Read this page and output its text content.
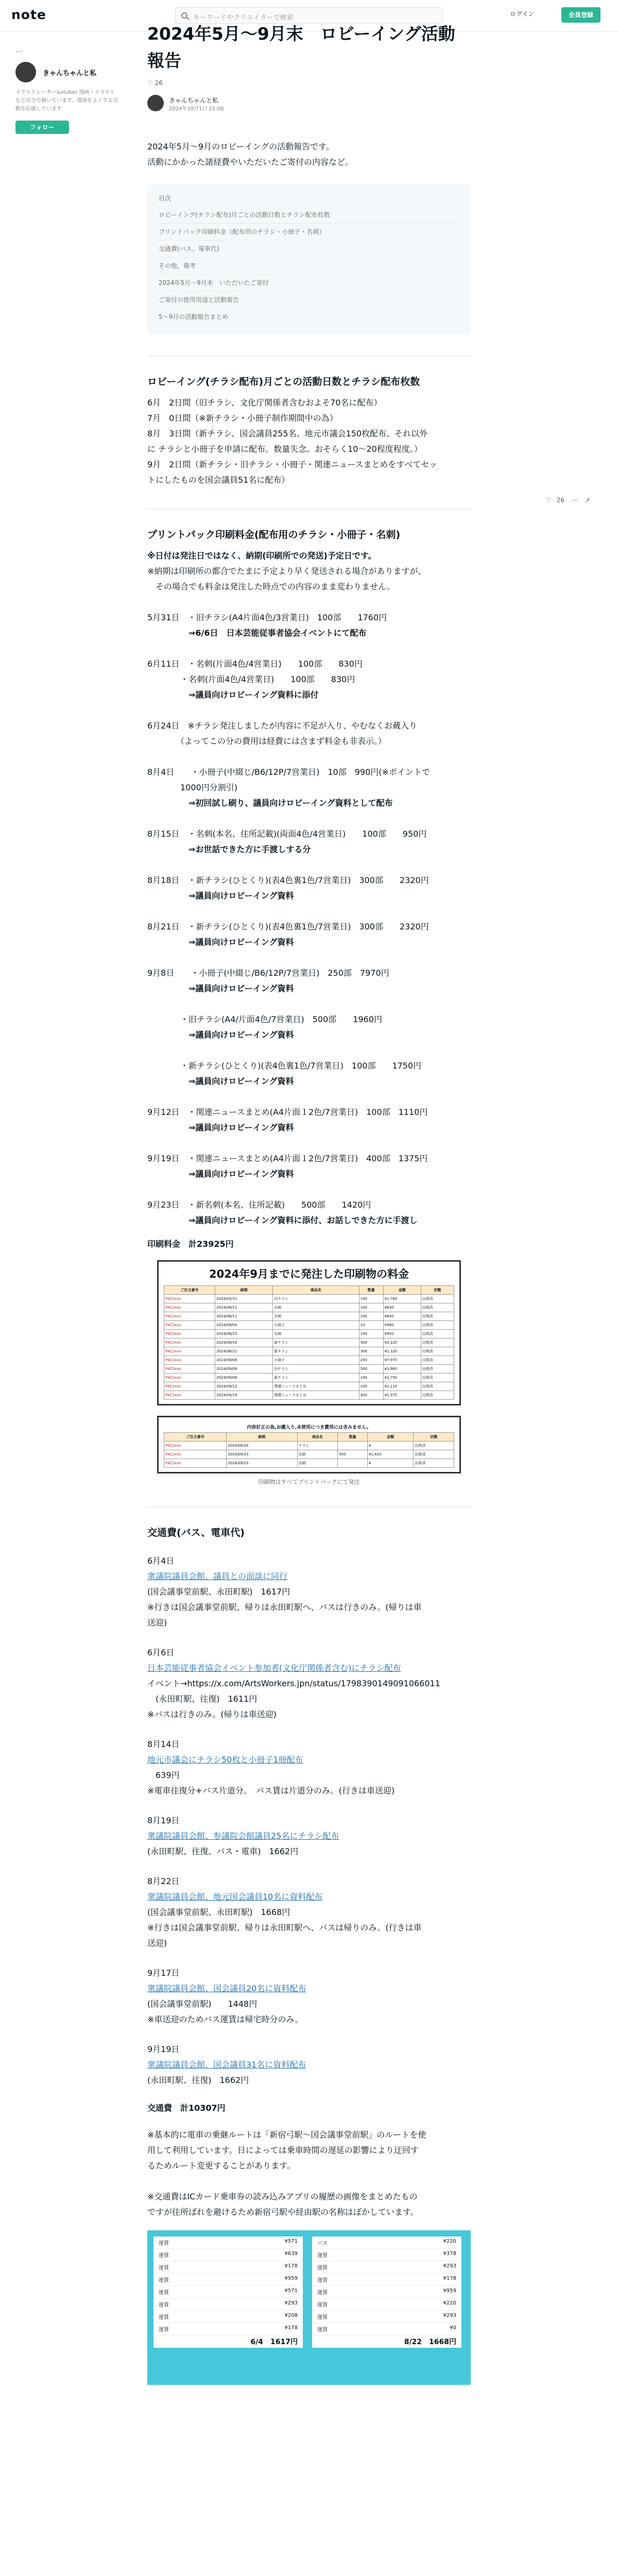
note	キーワードやクリエイターで検索	ログイン	会員登録
…
きゃんちゃんと私
イラストレーター&vtuber 漫画・イラストなど自分で描いています。環境をよくする活動を応援しています
フォロー
♡ 26 ⋯ ↗
2024年5月〜9月末　ロビーイング活動報告
♡ 26
きゃんちゃんと私
2024年10月1日 21:00
2024年5月〜9月のロビーイングの活動報告です。
活動にかかった諸経費やいただいたご寄付の内容など。
目次
ロビーイング(チラシ配布)月ごとの活動日数とチラシ配布枚数
プリントパック印刷料金（配布用のチラシ・小冊子・名刺）
交通費(バス、電車代)
その他、備考
2024年5月〜9月末　いただいたご寄付
ご寄付の使用用途と活動報告
5〜9月の活動報告まとめ
ロビーイング(チラシ配布)月ごとの活動日数とチラシ配布枚数
6月　2日間（旧チラシ、文化庁関係者含むおよそ70名に配布）
7月　0日間（※新チラシ・小冊子制作期間中の為）
8月　3日間（新チラシ、国会議員255名、地元市議会150枚配布、それ以外
に チラシと小冊子を申請に配布。数量失念。おそらく10〜20程度程度。）
9月　2日間（新チラシ・旧チラシ・小冊子・関連ニュースまとめをすべてセッ
トにしたものを国会議員51名に配布）
プリントパック印刷料金(配布用のチラシ・小冊子・名刺)
※日付は発注日ではなく、納期(印刷所での発送)予定日です。
※納期は印刷所の都合でたまに予定より早く発送される場合がありますが、
　その場合でも料金は発注した時点での内容のまま変わりません。
5月31日　・旧チラシ(A4片面4色/3営業日)　100部　　1760円
　　　　　⇒6/6日　日本芸能従事者協会イベントにて配布
6月11日　・名刺(片面4色/4営業日)　　100部　　830円
　　　　・名刺(片面4色/4営業日)　　100部　　830円
　　　　　⇒議員向けロビーイング資料に添付
6月24日　※チラシ発注しましたが内容に不足が入り、やむなくお蔵入り
　　　　（よってこの分の費用は経費には含まず料金も非表示。）
8月4日　　・小冊子(中綴じ/B6/12P/7営業日)　10部　990円(※ポイントで
　　　　1000円分割引)
　　　　　⇒初回試し刷り、議員向けロビーイング資料として配布
8月15日　・名刺(本名、住所記載)(両面4色/4営業日)　　100部　　950円
　　　　　⇒お世話できた方に手渡しする分
8月18日　・新チラシ(ひとくり)(表4色裏1色/7営業日)　300部　　2320円
　　　　　⇒議員向けロビーイング資料
8月21日　・新チラシ(ひとくり)(表4色裏1色/7営業日)　300部　　2320円
　　　　　⇒議員向けロビーイング資料
9月8日　　・小冊子(中綴じ/B6/12P/7営業日)　250部　7970円
　　　　　⇒議員向けロビーイング資料
　　　　・旧チラシ(A4/片面4色/7営業日)　500部　　1960円
　　　　　⇒議員向けロビーイング資料
　　　　・新チラシ(ひとくり)(表4色裏1色/7営業日)　100部　　1750円
　　　　　⇒議員向けロビーイング資料
9月12日　・関連ニュースまとめ(A4片面１2色/7営業日)　100部　1110円
　　　　　⇒議員向けロビーイング資料
9月19日　・関連ニュースまとめ(A4片面１2色/7営業日)　400部　1375円
　　　　　⇒議員向けロビーイング資料
9月23日　・新名刺(本名、住所記載)　　500部　　1420円
　　　　　⇒議員向けロビーイング資料に添付、お話しできた方に手渡し
印刷料金　計23925円
2024年9月までに発注した印刷物の料金
ご注文番号	納期	商品名	数量	金額	状態
P4C2xxx	2024/05/31	旧チラシ	100	¥1,760	出荷済
P4C2xxx	2024/06/11	名刺	100	¥830	出荷済
P4C2xxx	2024/06/11	名刺	100	¥830	出荷済
P4C2xxx	2024/08/04	小冊子	10	¥990	出荷済
P4C2xxx	2024/08/15	名刺	100	¥950	出荷済
P4C2xxx	2024/08/18	新チラシ	300	¥2,320	出荷済
P4C2xxx	2024/08/21	新チラシ	300	¥2,320	出荷済
P4C2xxx	2024/09/08	小冊子	250	¥7,970	出荷済
P4C2xxx	2024/09/08	旧チラシ	500	¥1,960	出荷済
P4C2xxx	2024/09/08	新チラシ	100	¥1,750	出荷済
P4C2xxx	2024/09/12	関連ニュースまとめ	100	¥1,110	出荷済
P4C2xxx	2024/09/19	関連ニュースまとめ	400	¥1,375	出荷済
内容訂正の為,お蔵入り,未使用につき費用には含みません。
ご注文番号	納期	商品名	数量	金額	状態
P4C2xxx	2024/06/24	チラシ		¥	出荷済
P4C2xxx	2024/09/23	名刺	500	¥1,420	出荷済
P4C2xxx	2024/09/23	名刺		¥	出荷済
印刷物はすべてプリントパックにて発注
交通費(バス、電車代)
6月4日
衆議院議員会館、議員との面談に同行
(国会議事堂前駅、永田町駅)　1617円
※行きは国会議事堂前駅、帰りは永田町駅へ、バスは行きのみ。(帰りは車
送迎)
6月6日
日本芸能従事者協会イベント参加者(文化庁関係者含む)にチラシ配布
イベント→https://x.com/ArtsWorkers.jpn/status/1798390149091066011
　(永田町駅、往復)　1611円
※バスは行きのみ。(帰りは車送迎)
8月14日
地元市議会にチラシ50枚と小冊子1冊配布
　639円
※電車往復分+バス片道分。　バス賃は片道分のみ。(行きは車送迎)
8月19日
衆議院議員会館、参議院会館議員25名にチラシ配布
(永田町駅、往復、バス・電車)　1662円
8月22日
衆議院議員会館、地元国会議員10名に資料配布
(国会議事堂前駅、永田町駅)　1668円
※行きは国会議事堂前駅、帰りは永田町駅へ、バスは帰りのみ。(行きは車
送迎)
9月17日
衆議院議員会館、国会議員20名に資料配布
(国会議事堂前駅)　　1448円
※車送迎のためバス運賃は帰宅時分のみ。
9月19日
衆議院議員会館、国会議員31名に資料配布
(永田町駅、往復)　1662円
交通費　計10307円
※基本的に電車の乗継ルートは「新宿弓駅〜国会議事堂前駅」のルートを使
用して利用しています。日によっては乗車時間の遅延の影響により迂回す
るためルート変更することがあります。

※交通費はICカード乗車券の読み込みアプリの履歴の画像をまとめたもの
ですが住所ばれを避けるため新宿弓駅や経由駅の名称はぼかしています。
運賃	¥571
運賃	¥639
運賃	¥178
運賃	¥959
運賃	¥571
運賃	¥293
運賃	¥208
運賃	¥178
6/4　1617円
バス	¥220
運賃	¥378
運賃	¥293
運賃	¥178
運賃	¥959
運賃	¥220
運賃	¥293
運賃	¥0
8/22　1668円
